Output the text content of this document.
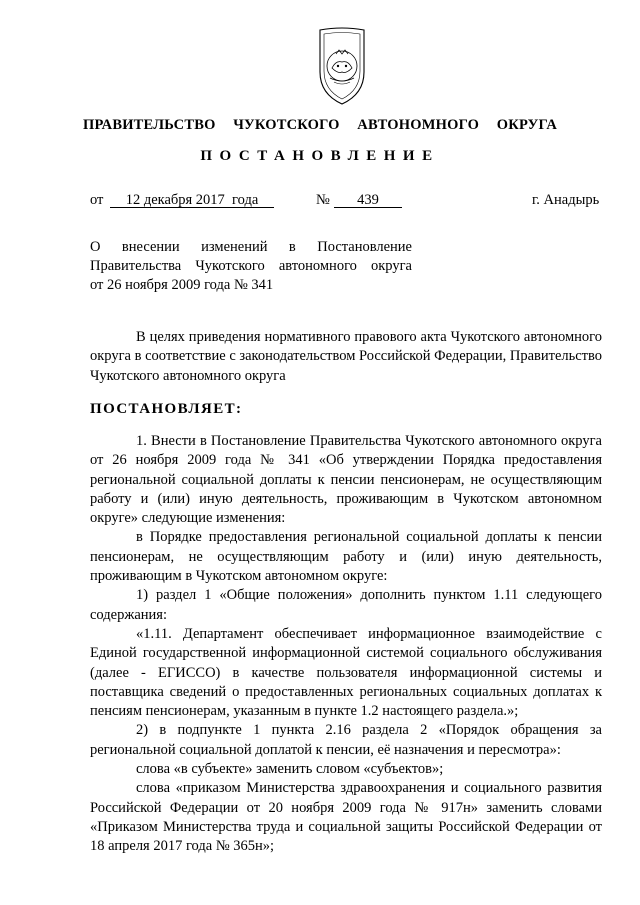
ПРАВИТЕЛЬСТВО  ЧУКОТСКОГО  АВТОНОМНОГО  ОКРУГА
ПОСТАНОВЛЕНИЕ
от	12 декабря 2017  года	№	439	г. Анадырь
О внесении изменений в Постановление
Правительства Чукотского автономного округа
от 26 ноября 2009 года № 341

В целях приведения нормативного правового акта Чукотского автономного округа в соответствие с законодательством Российской Федерации, Правительство Чукотского автономного округа

ПОСТАНОВЛЯЕТ:

1. Внести в Постановление Правительства Чукотского автономного округа от 26 ноября 2009 года № 341 «Об утверждении Порядка предоставления региональной социальной доплаты к пенсии пенсионерам, не осуществляющим работу и (или) иную деятельность, проживающим в Чукотском автономном округе» следующие изменения:

в Порядке предоставления региональной социальной доплаты к пенсии пенсионерам, не осуществляющим работу и (или) иную деятельность, проживающим в Чукотском автономном округе:

1) раздел 1 «Общие положения» дополнить пунктом 1.11 следующего содержания:

«1.11. Департамент обеспечивает информационное взаимодействие с Единой государственной информационной системой социального обслуживания (далее - ЕГИССО) в качестве пользователя информационной системы и поставщика сведений о предоставленных региональных социальных доплатах к пенсиям пенсионерам, указанным в пункте 1.2 настоящего раздела.»;

2) в подпункте 1 пункта 2.16 раздела 2 «Порядок обращения за региональной социальной доплатой к пенсии, её назначения и пересмотра»:

слова «в субъекте» заменить словом «субъектов»;

слова «приказом Министерства здравоохранения и социального развития Российской Федерации от 20 ноября 2009 года № 917н» заменить словами «Приказом Министерства труда и социальной защиты Российской Федерации от 18 апреля 2017 года № 365н»;
